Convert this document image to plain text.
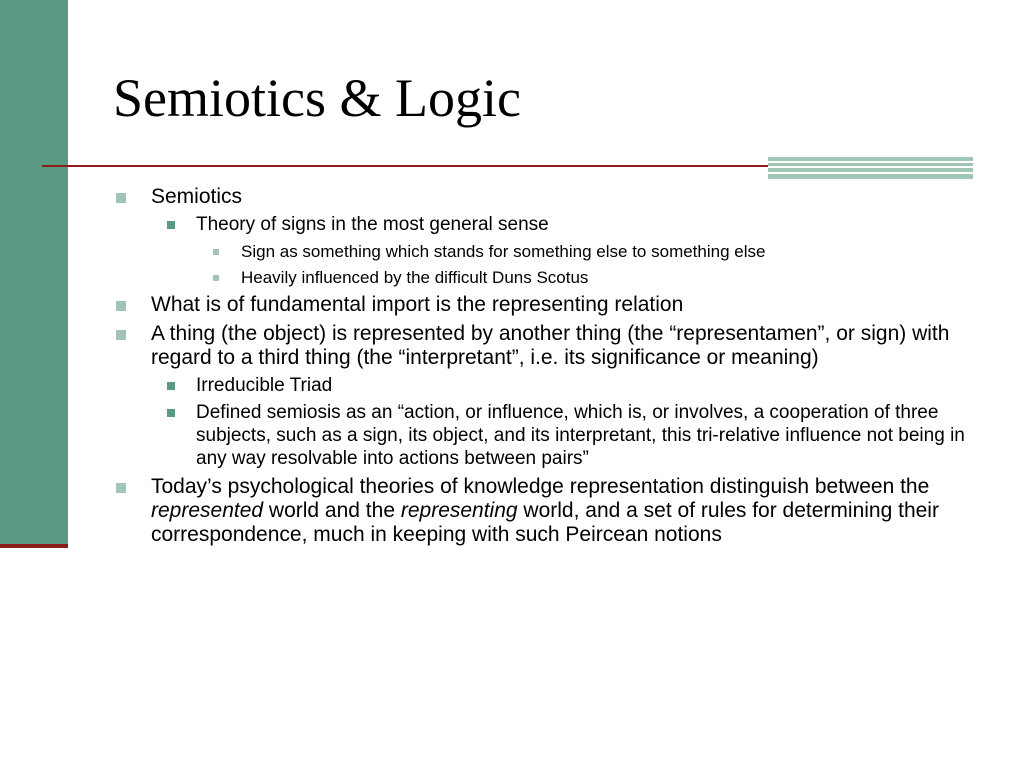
Semiotics & Logic
Semiotics
Theory of signs in the most general sense
Sign as something which stands for something else to something else
Heavily influenced by the difficult Duns Scotus
What is of fundamental import is the representing relation
A thing (the object) is represented by another thing (the “representamen”, or sign) with regard to a third thing (the “interpretant”, i.e. its significance or meaning)
Irreducible Triad
Defined semiosis as an “action, or influence, which is, or involves, a cooperation of three subjects, such as a sign, its object, and its interpretant, this tri-relative influence not being in any way resolvable into actions between pairs”
Today’s psychological theories of knowledge representation distinguish between the represented world and the representing world, and a set of rules for determining their correspondence, much in keeping with such Peircean notions
